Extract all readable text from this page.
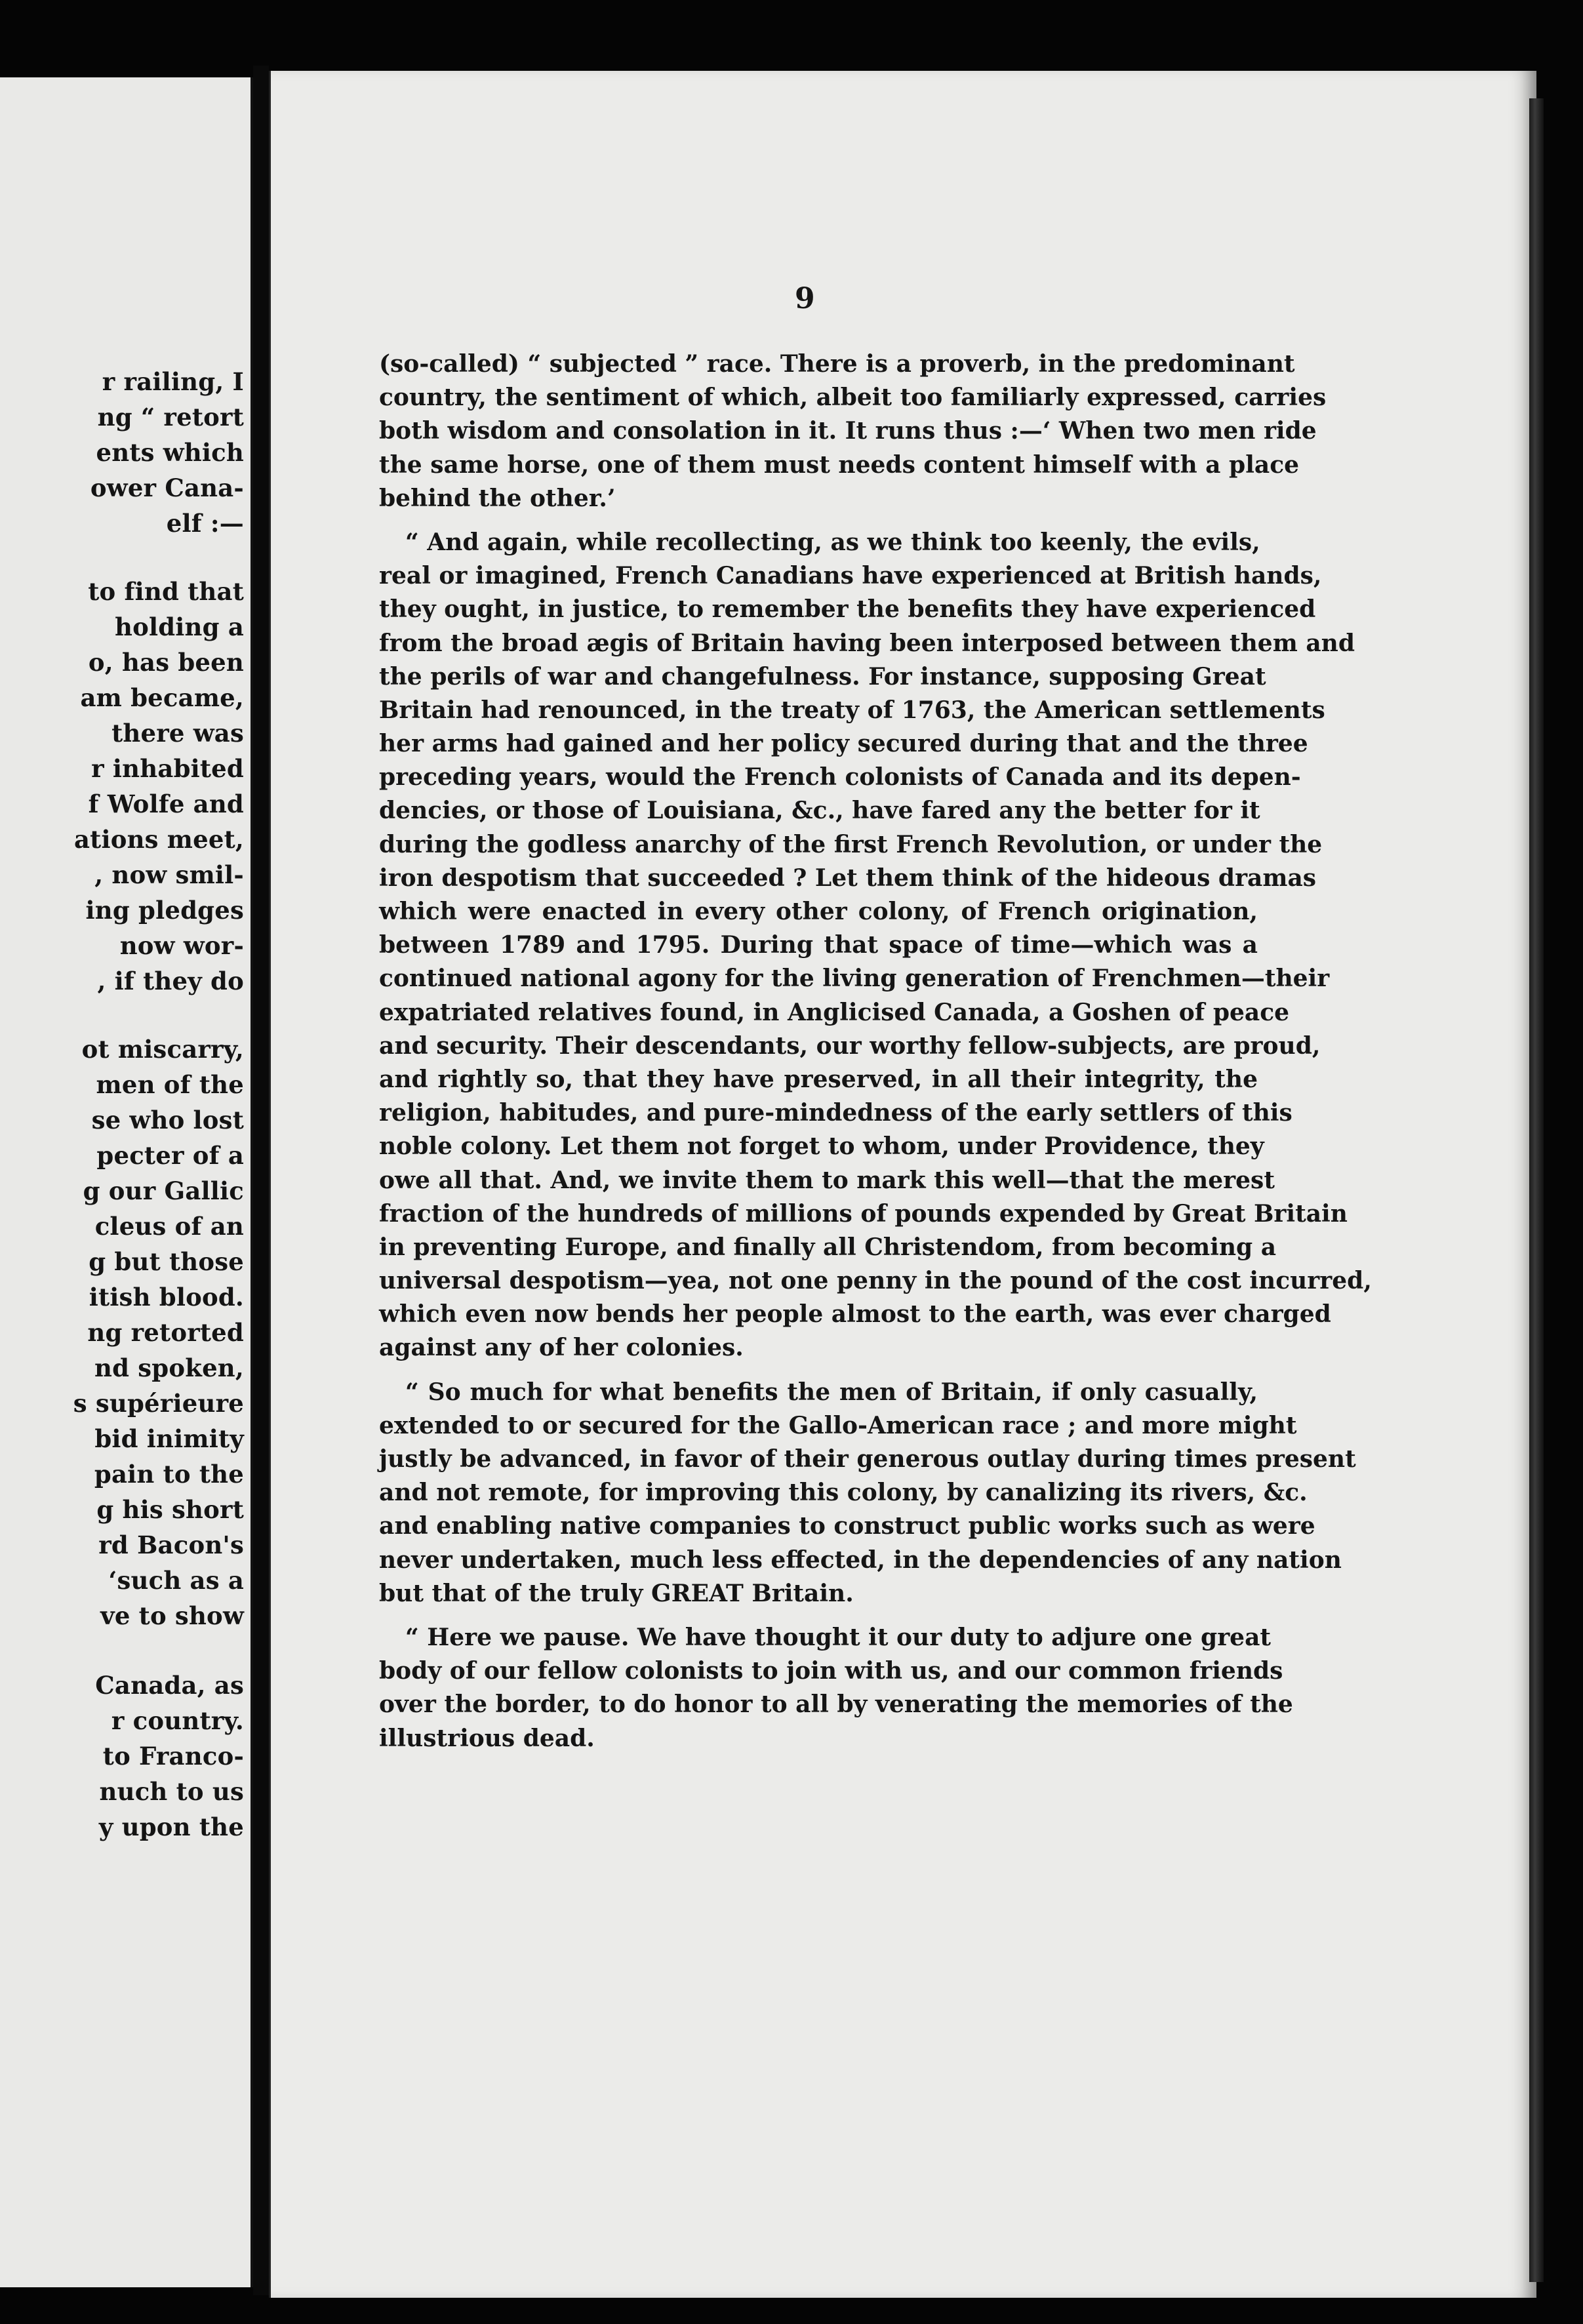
r railing, I
ng “ retort
ents which
ower Cana-
elf :—
to find that
holding a
o, has been
am became,
there was
r inhabited
f Wolfe and
ations meet,
, now smil-
ing pledges
now wor-
, if they do
ot miscarry,
men of the
se who lost
pecter of a
g our Gallic
cleus of an
g but those
itish blood.
ng retorted
nd spoken,
s supérieure
bid inimity
pain to the
g his short
rd Bacon's
‘such as a
ve to show
Canada, as
r country.
to Franco-
nuch to us
y upon the
9
(so-called) “ subjected ” race. There is a proverb, in the predominant
country, the sentiment of which, albeit too familiarly expressed, carries
both wisdom and consolation in it. It runs thus :—‘ When two men ride
the same horse, one of them must needs content himself with a place
behind the other.’
“ And again, while recollecting, as we think too keenly, the evils,
real or imagined, French Canadians have experienced at British hands,
they ought, in justice, to remember the benefits they have experienced
from the broad ægis of Britain having been interposed between them and
the perils of war and changefulness. For instance, supposing Great
Britain had renounced, in the treaty of 1763, the American settlements
her arms had gained and her policy secured during that and the three
preceding years, would the French colonists of Canada and its depen-
dencies, or those of Louisiana, &c., have fared any the better for it
during the godless anarchy of the first French Revolution, or under the
iron despotism that succeeded ? Let them think of the hideous dramas
which were enacted in every other colony, of French origination,
between 1789 and 1795. During that space of time—which was a
continued national agony for the living generation of Frenchmen—their
expatriated relatives found, in Anglicised Canada, a Goshen of peace
and security. Their descendants, our worthy fellow-subjects, are proud,
and rightly so, that they have preserved, in all their integrity, the
religion, habitudes, and pure-mindedness of the early settlers of this
noble colony. Let them not forget to whom, under Providence, they
owe all that. And, we invite them to mark this well—that the merest
fraction of the hundreds of millions of pounds expended by Great Britain
in preventing Europe, and finally all Christendom, from becoming a
universal despotism—yea, not one penny in the pound of the cost incurred,
which even now bends her people almost to the earth, was ever charged
against any of her colonies.
“ So much for what benefits the men of Britain, if only casually,
extended to or secured for the Gallo-American race ; and more might
justly be advanced, in favor of their generous outlay during times present
and not remote, for improving this colony, by canalizing its rivers, &c.
and enabling native companies to construct public works such as were
never undertaken, much less effected, in the dependencies of any nation
but that of the truly GREAT Britain.
“ Here we pause. We have thought it our duty to adjure one great
body of our fellow colonists to join with us, and our common friends
over the border, to do honor to all by venerating the memories of the
illustrious dead.
